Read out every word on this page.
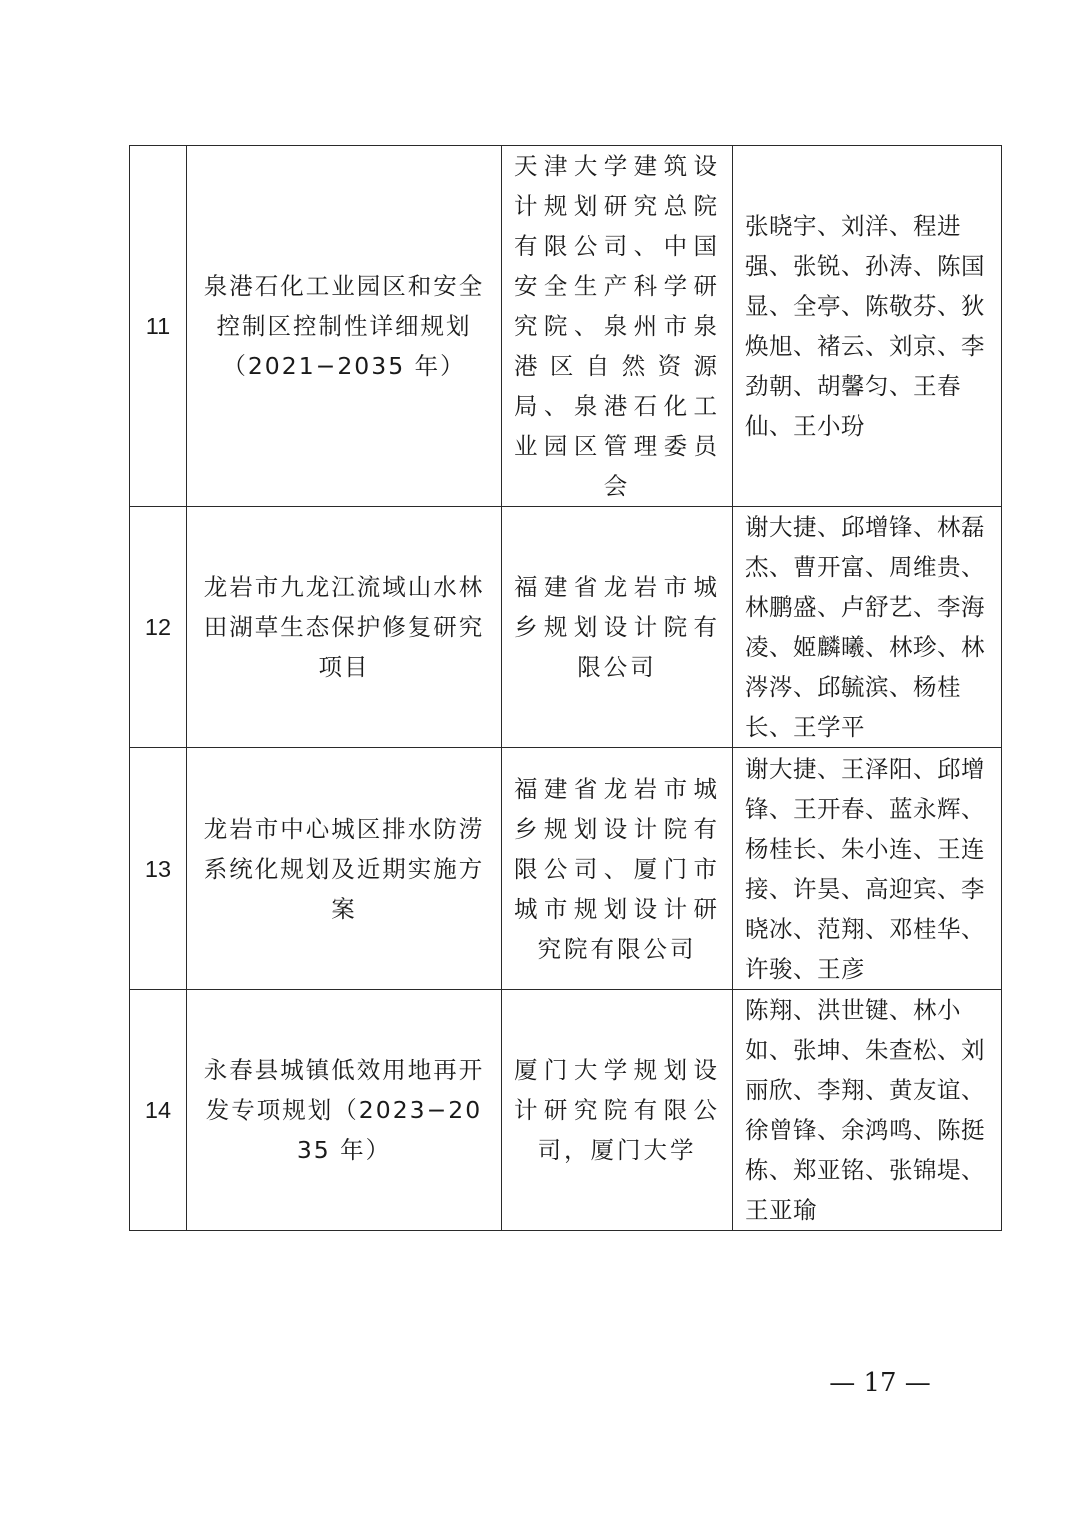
11	泉港石化工业园区和安全控制区控制性详细规划（2021−2035 年）	天津大学建筑设计规划研究总院有限公司、中国安全生产科学研究院、泉州市泉港区自然资源局、泉港石化工业园区管理委员会	张晓宇、刘洋、程进强、张锐、孙涛、陈国显、全亭、陈敬芬、狄焕旭、褚云、刘京、李劲朝、胡馨匀、王春仙、王小玢

12	龙岩市九龙江流域山水林田湖草生态保护修复研究项目	福建省龙岩市城乡规划设计院有限公司	谢大捷、邱增锋、林磊杰、曹开富、周维贵、林鹏盛、卢舒艺、李海凌、姬麟曦、林珍、林涔涔、邱毓滨、杨桂长、王学平

13	龙岩市中心城区排水防涝系统化规划及近期实施方案	福建省龙岩市城乡规划设计院有限公司、厦门市城市规划设计研究院有限公司	谢大捷、王泽阳、邱增锋、王开春、蓝永辉、杨桂长、朱小连、王连接、许昊、高迎宾、李晓冰、范翔、邓桂华、许骏、王彦

14	永春县城镇低效用地再开发专项规划（2023−2035 年）	厦门大学规划设计研究院有限公司，厦门大学	陈翔、洪世键、林小如、张坤、朱查松、刘丽欣、李翔、黄友谊、徐曾锋、余鸿鸣、陈挺栋、郑亚铭、张锦堤、王亚瑜
— 17 —
